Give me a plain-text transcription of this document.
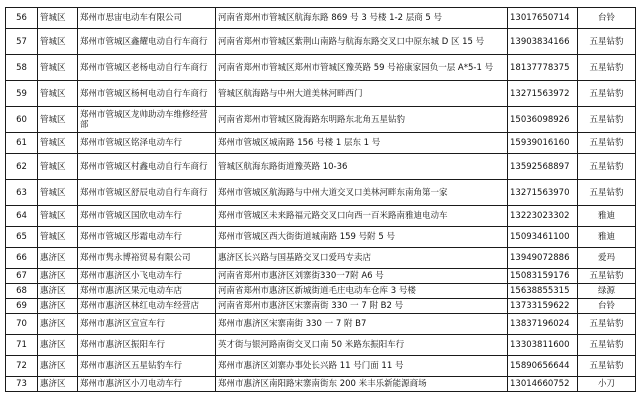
56	管城区	郑州市思宙电动车有限公司	河南省郑州市管城区航海东路 869 号 3 号楼 1-2 层商 5 号	13017650714	台铃
57	管城区	郑州市管城区鑫耀电动自行车商行	河南省郑州市管城区紫荆山南路与航海东路交叉口中原东城 D 区 15 号	13903834166	五星钻豹
58	管城区	郑州市管城区老杨电动自行车商行	河南省郑州市管城区郑州市管城区豫英路 59 号裕康家园负一层 A*5-1 号	18137778375	五星钻豹
59	管城区	郑州市管城区杨柯电动自行车商行	管城区航海路与中州大道美林河畔西门	13271563972	五星钻豹
60	管城区	郑州市管城区龙帅助动车维修经营部	河南省郑州市管城区陇海路东明路东北角五星钻豹	15036098926	五星钻豹
61	管城区	郑州市管城区铭泽电动车行	郑州市管城区城南路 156 号楼 1 层东 1 号	15939016160	五星钻豹
62	管城区	郑州市管城区村鑫电动自行车商行	管城区航海东路街道豫英路 10-36	13592568897	五星钻豹
63	管城区	郑州市管城区舒辰电动自行车商行	郑州市管城区航海路与中州大道交叉口美林河畔东南角第一家	13271563970	五星钻豹
64	管城区	郑州市管城区国欣电动车行	郑州市管城区未来路福元路交叉口向西一百米路南雅迪电动车	13223023302	雅迪
65	管城区	郑州市管城区彤霜电动车行	郑州市管城区西大街街道城南路 159 号附 5 号	15093461100	雅迪
66	惠济区	郑州市隽永博裕贸易有限公司	惠济区长兴路与国基路交叉口爱玛专卖店	13949072886	爱玛
67	惠济区	郑州市惠济区小飞电动车行	河南省郑州市惠济区刘寨街330一7附 A6 号	15083159176	五星钻豹
68	惠济区	郑州市惠济区果元电动车店	河南省郑州市惠济区新城街道毛庄电动车仓库 3 号楼	15638855315	绿源
69	惠济区	郑州市惠济区林红电动车经营店	河南省郑州市惠济区宋寨南街 330 一 7 附 B2 号	13733159622	台铃
70	惠济区	郑州市惠济区宣宣车行	郑州市惠济区宋寨南街 330 一 7 附 B7	13837196024	五星钻豹
71	惠济区	郑州市惠济区振阳车行	英才街与银河路南街交叉口南 50 米路东振阳车行	13303811600	五星钻豹
72	惠济区	郑州市惠济区五星钻豹车行	郑州市惠济区刘寨办事处长兴路 11 号门面 11 号	15890656644	五星钻豹
73	惠济区	郑州市惠济区小刀电动车行	郑州市惠济区南阳路宋寨南街东 200 米丰乐新能源商场	13014660752	小刀
